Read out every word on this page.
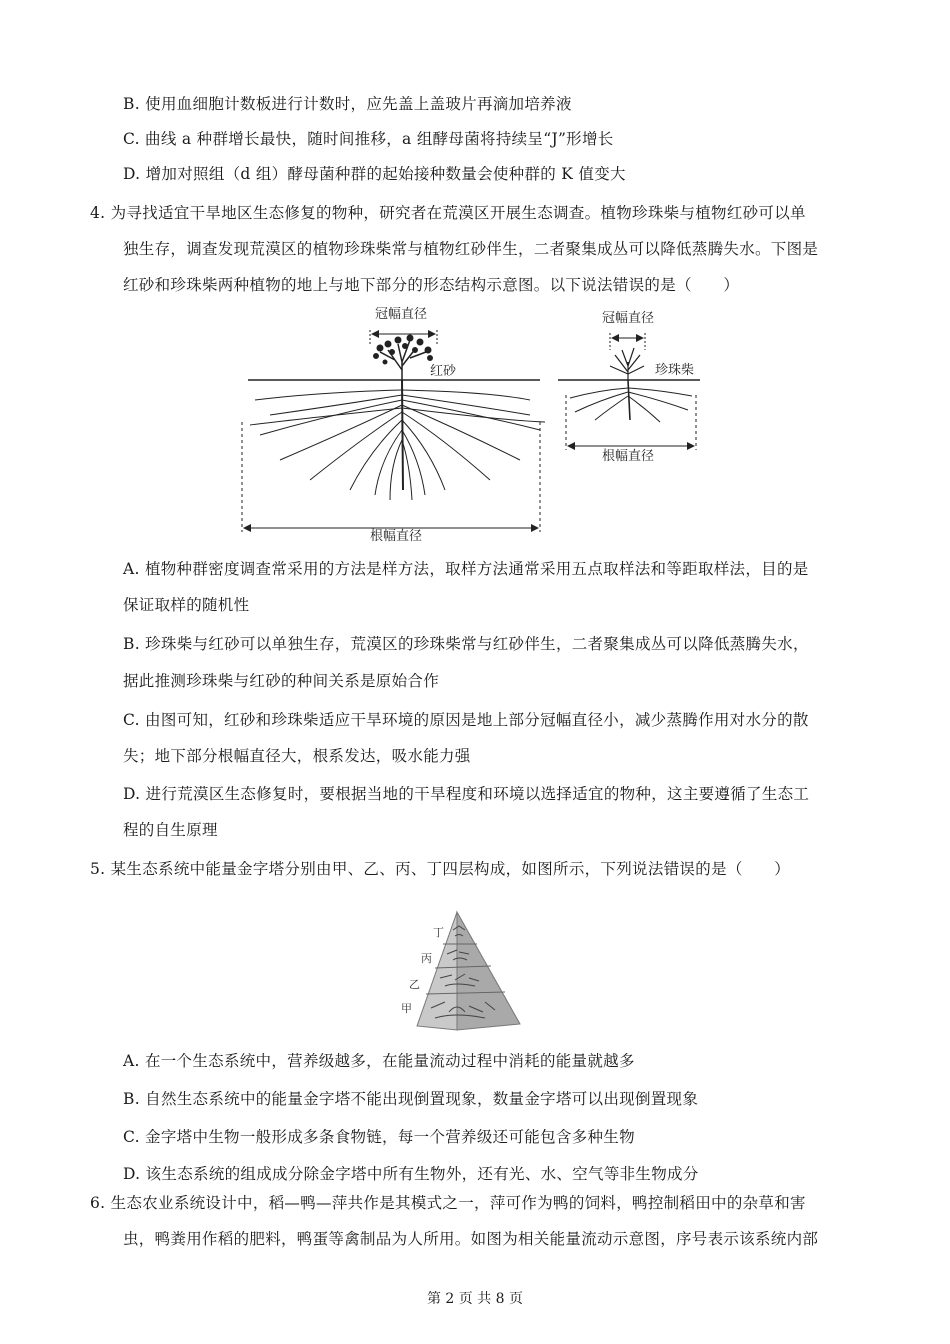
B. 使用血细胞计数板进行计数时，应先盖上盖玻片再滴加培养液
C. 曲线 a 种群增长最快，随时间推移，a 组酵母菌将持续呈“J”形增长
D. 增加对照组（d 组）酵母菌种群的起始接种数量会使种群的 K 值变大
4. 为寻找适宜干旱地区生态修复的物种，研究者在荒漠区开展生态调查。植物珍珠柴与植物红砂可以单
独生存，调查发现荒漠区的植物珍珠柴常与植物红砂伴生，二者聚集成丛可以降低蒸腾失水。下图是
红砂和珍珠柴两种植物的地上与地下部分的形态结构示意图。以下说法错误的是（　　）
冠幅直径
红砂
根幅直径
冠幅直径
珍珠柴
根幅直径
A. 植物种群密度调查常采用的方法是样方法，取样方法通常采用五点取样法和等距取样法，目的是
保证取样的随机性
B. 珍珠柴与红砂可以单独生存，荒漠区的珍珠柴常与红砂伴生，二者聚集成丛可以降低蒸腾失水，
据此推测珍珠柴与红砂的种间关系是原始合作
C. 由图可知，红砂和珍珠柴适应干旱环境的原因是地上部分冠幅直径小，减少蒸腾作用对水分的散
失；地下部分根幅直径大，根系发达，吸水能力强
D. 进行荒漠区生态修复时，要根据当地的干旱程度和环境以选择适宜的物种，这主要遵循了生态工
程的自生原理
5. 某生态系统中能量金字塔分别由甲、乙、丙、丁四层构成，如图所示，下列说法错误的是（　　）
丁
丙
乙
甲
A. 在一个生态系统中，营养级越多，在能量流动过程中消耗的能量就越多
B. 自然生态系统中的能量金字塔不能出现倒置现象，数量金字塔可以出现倒置现象
C. 金字塔中生物一般形成多条食物链，每一个营养级还可能包含多种生物
D. 该生态系统的组成成分除金字塔中所有生物外，还有光、水、空气等非生物成分
6. 生态农业系统设计中，稻—鸭—萍共作是其模式之一，萍可作为鸭的饲料，鸭控制稻田中的杂草和害
虫，鸭粪用作稻的肥料，鸭蛋等禽制品为人所用。如图为相关能量流动示意图，序号表示该系统内部
第 2 页 共 8 页
